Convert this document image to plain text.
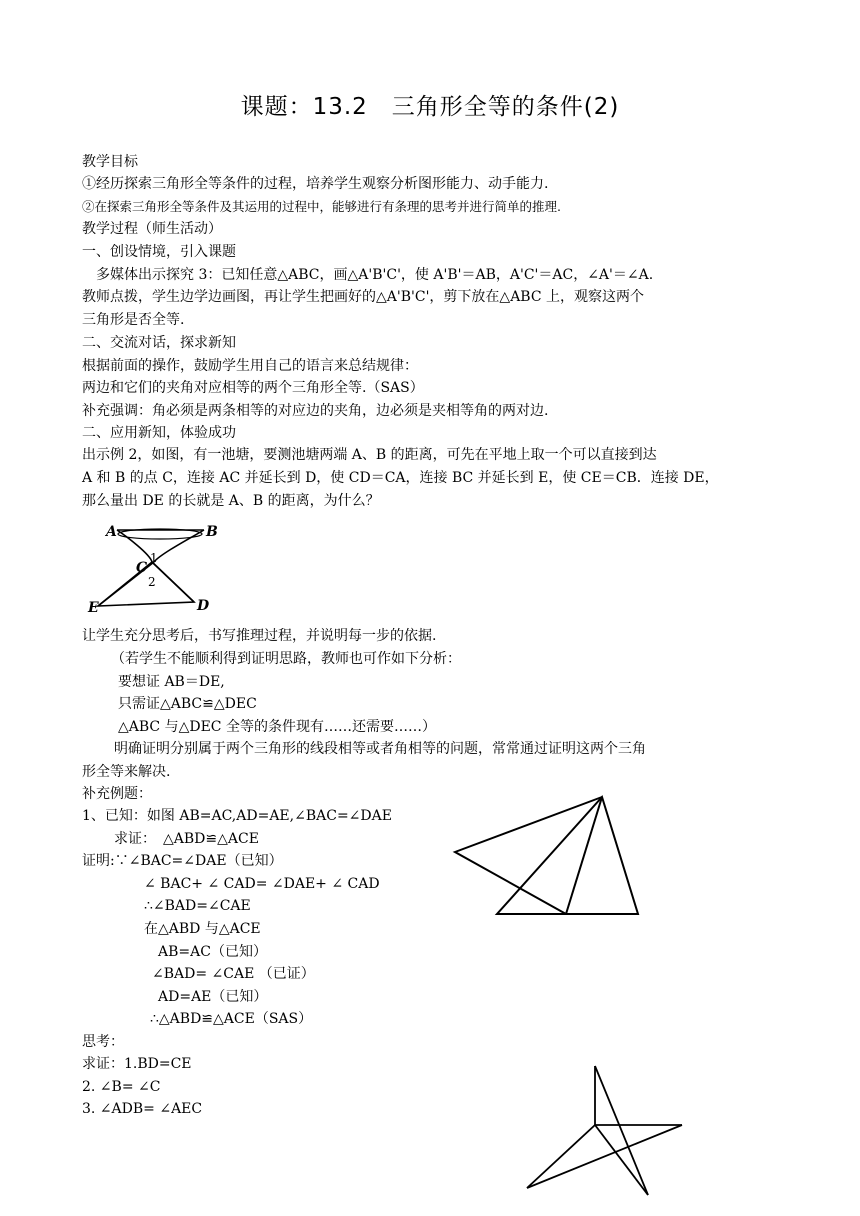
课题：13.2　三角形全等的条件(2)
教学目标
①经历探索三角形全等条件的过程，培养学生观察分析图形能力、动手能力.
②在探索三角形全等条件及其运用的过程中，能够进行有条理的思考并进行简单的推理.
教学过程（师生活动）
一、创设情境，引入课题
　多媒体出示探究 3：已知任意△ABC，画△A'B'C'，使 A'B'＝AB，A'C'＝AC，∠A'＝∠A.
教师点拨，学生边学边画图，再让学生把画好的△A'B'C'，剪下放在△ABC 上，观察这两个
三角形是否全等.
二、交流对话，探求新知
根据前面的操作，鼓励学生用自己的语言来总结规律：
两边和它们的夹角对应相等的两个三角形全等.（SAS）
补充强调：角必须是两条相等的对应边的夹角，边必须是夹相等角的两对边.
二、应用新知，体验成功
出示例 2，如图，有一池塘，要测池塘两端 A、B 的距离，可先在平地上取一个可以直接到达
A 和 B 的点 C，连接 AC 并延长到 D，使 CD＝CA，连接 BC 并延长到 E，使 CE＝CB．连接 DE，
那么量出 DE 的长就是 A、B 的距离，为什么？
A	B
C
E	D
1
2
让学生充分思考后，书写推理过程，并说明每一步的依据.
　（若学生不能顺利得到证明思路，教师也可作如下分析：
　要想证 AB＝DE,
　只需证△ABC≌△DEC
　△ABC 与△DEC 全等的条件现有……还需要……）
　明确证明分别属于两个三角形的线段相等或者角相等的问题，常常通过证明这两个三角
形全等来解决.
补充例题：
1、已知：如图 AB=AC,AD=AE,∠BAC=∠DAE
　求证：　△ABD≌△ACE
证明:∵∠BAC=∠DAE（已知）
∠ BAC+ ∠ CAD= ∠DAE+ ∠ CAD
∴∠BAD=∠CAE
在△ABD 与△ACE
AB=AC（已知）
∠BAD= ∠CAE （已证）
AD=AE（已知）
∴△ABD≌△ACE（SAS）
思考：
求证：1.BD=CE
2. ∠B= ∠C
3. ∠ADB= ∠AEC
